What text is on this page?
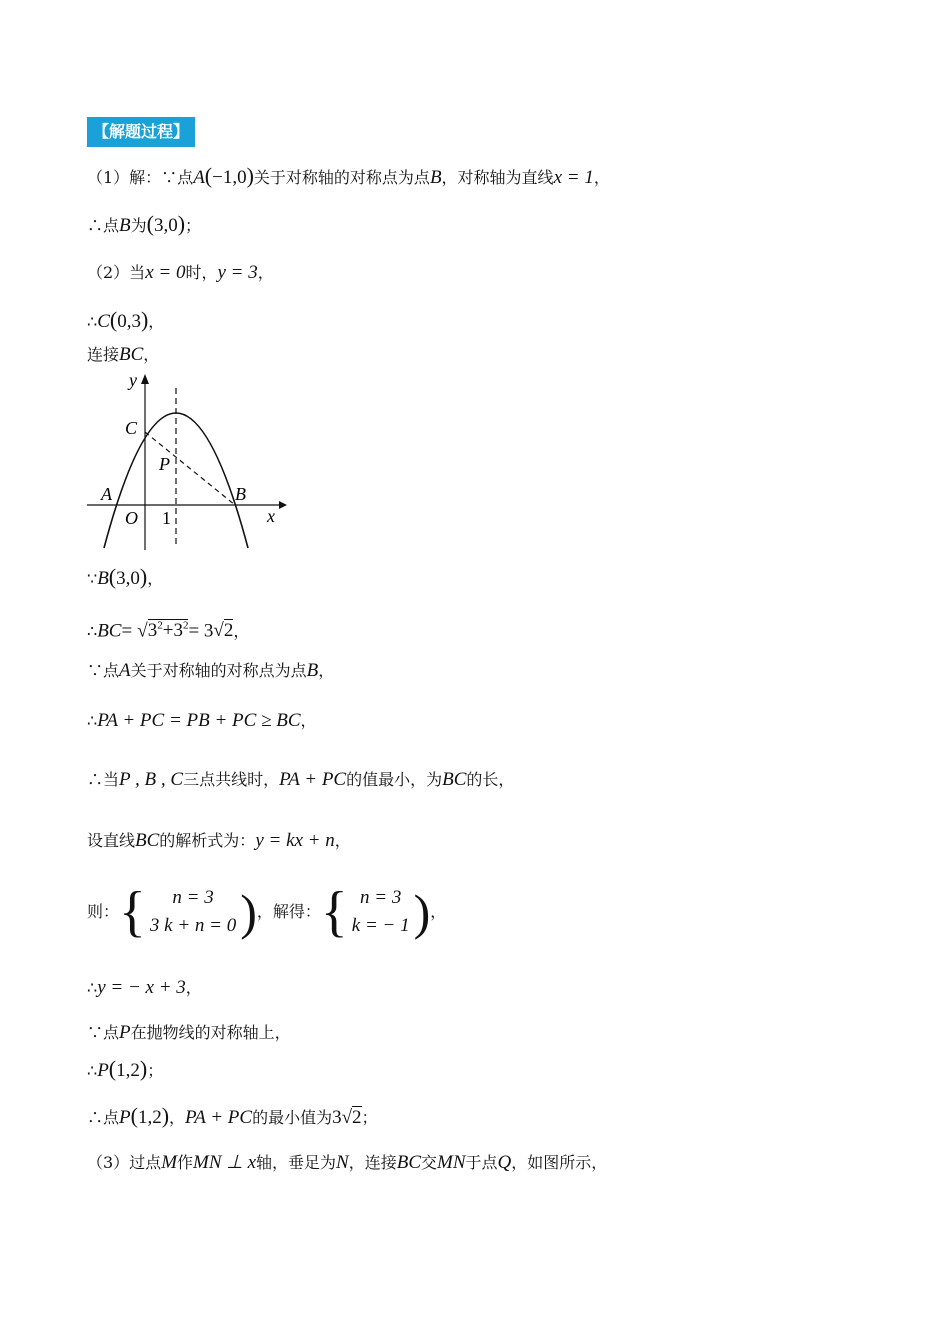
【解题过程】
（1）解：∵点A(−1,0)关于对称轴的对称点为点B，对称轴为直线x = 1，
∴点B为(3,0)；
（2）当x = 0时，y = 3，
∴C(0,3)，
连接BC，
y
x
C
P
A	B
O 1
∵B(3,0)，
∴BC= $√3^2+3^2= 3√2$，
∵点A关于对称轴的对称点为点B，
∴PA + PC = PB + PC ≥ BC，
∴当P , B , C三点共线时，PA + PC的值最小，为BC的长，
设直线BC的解析式为：y = kx + n，
则： {	n = 3
3 k + n = 0 ) ，解得： { n = 3
k = − 1 ) ，
∴y = − x + 3，
∵点P在抛物线的对称轴上，
∴P(1,2)；
∴点P(1,2)，PA + PC的最小值为3√2；
（3）过点M作MN ⊥ x轴，垂足为N，连接BC交MN于点Q，如图所示，
